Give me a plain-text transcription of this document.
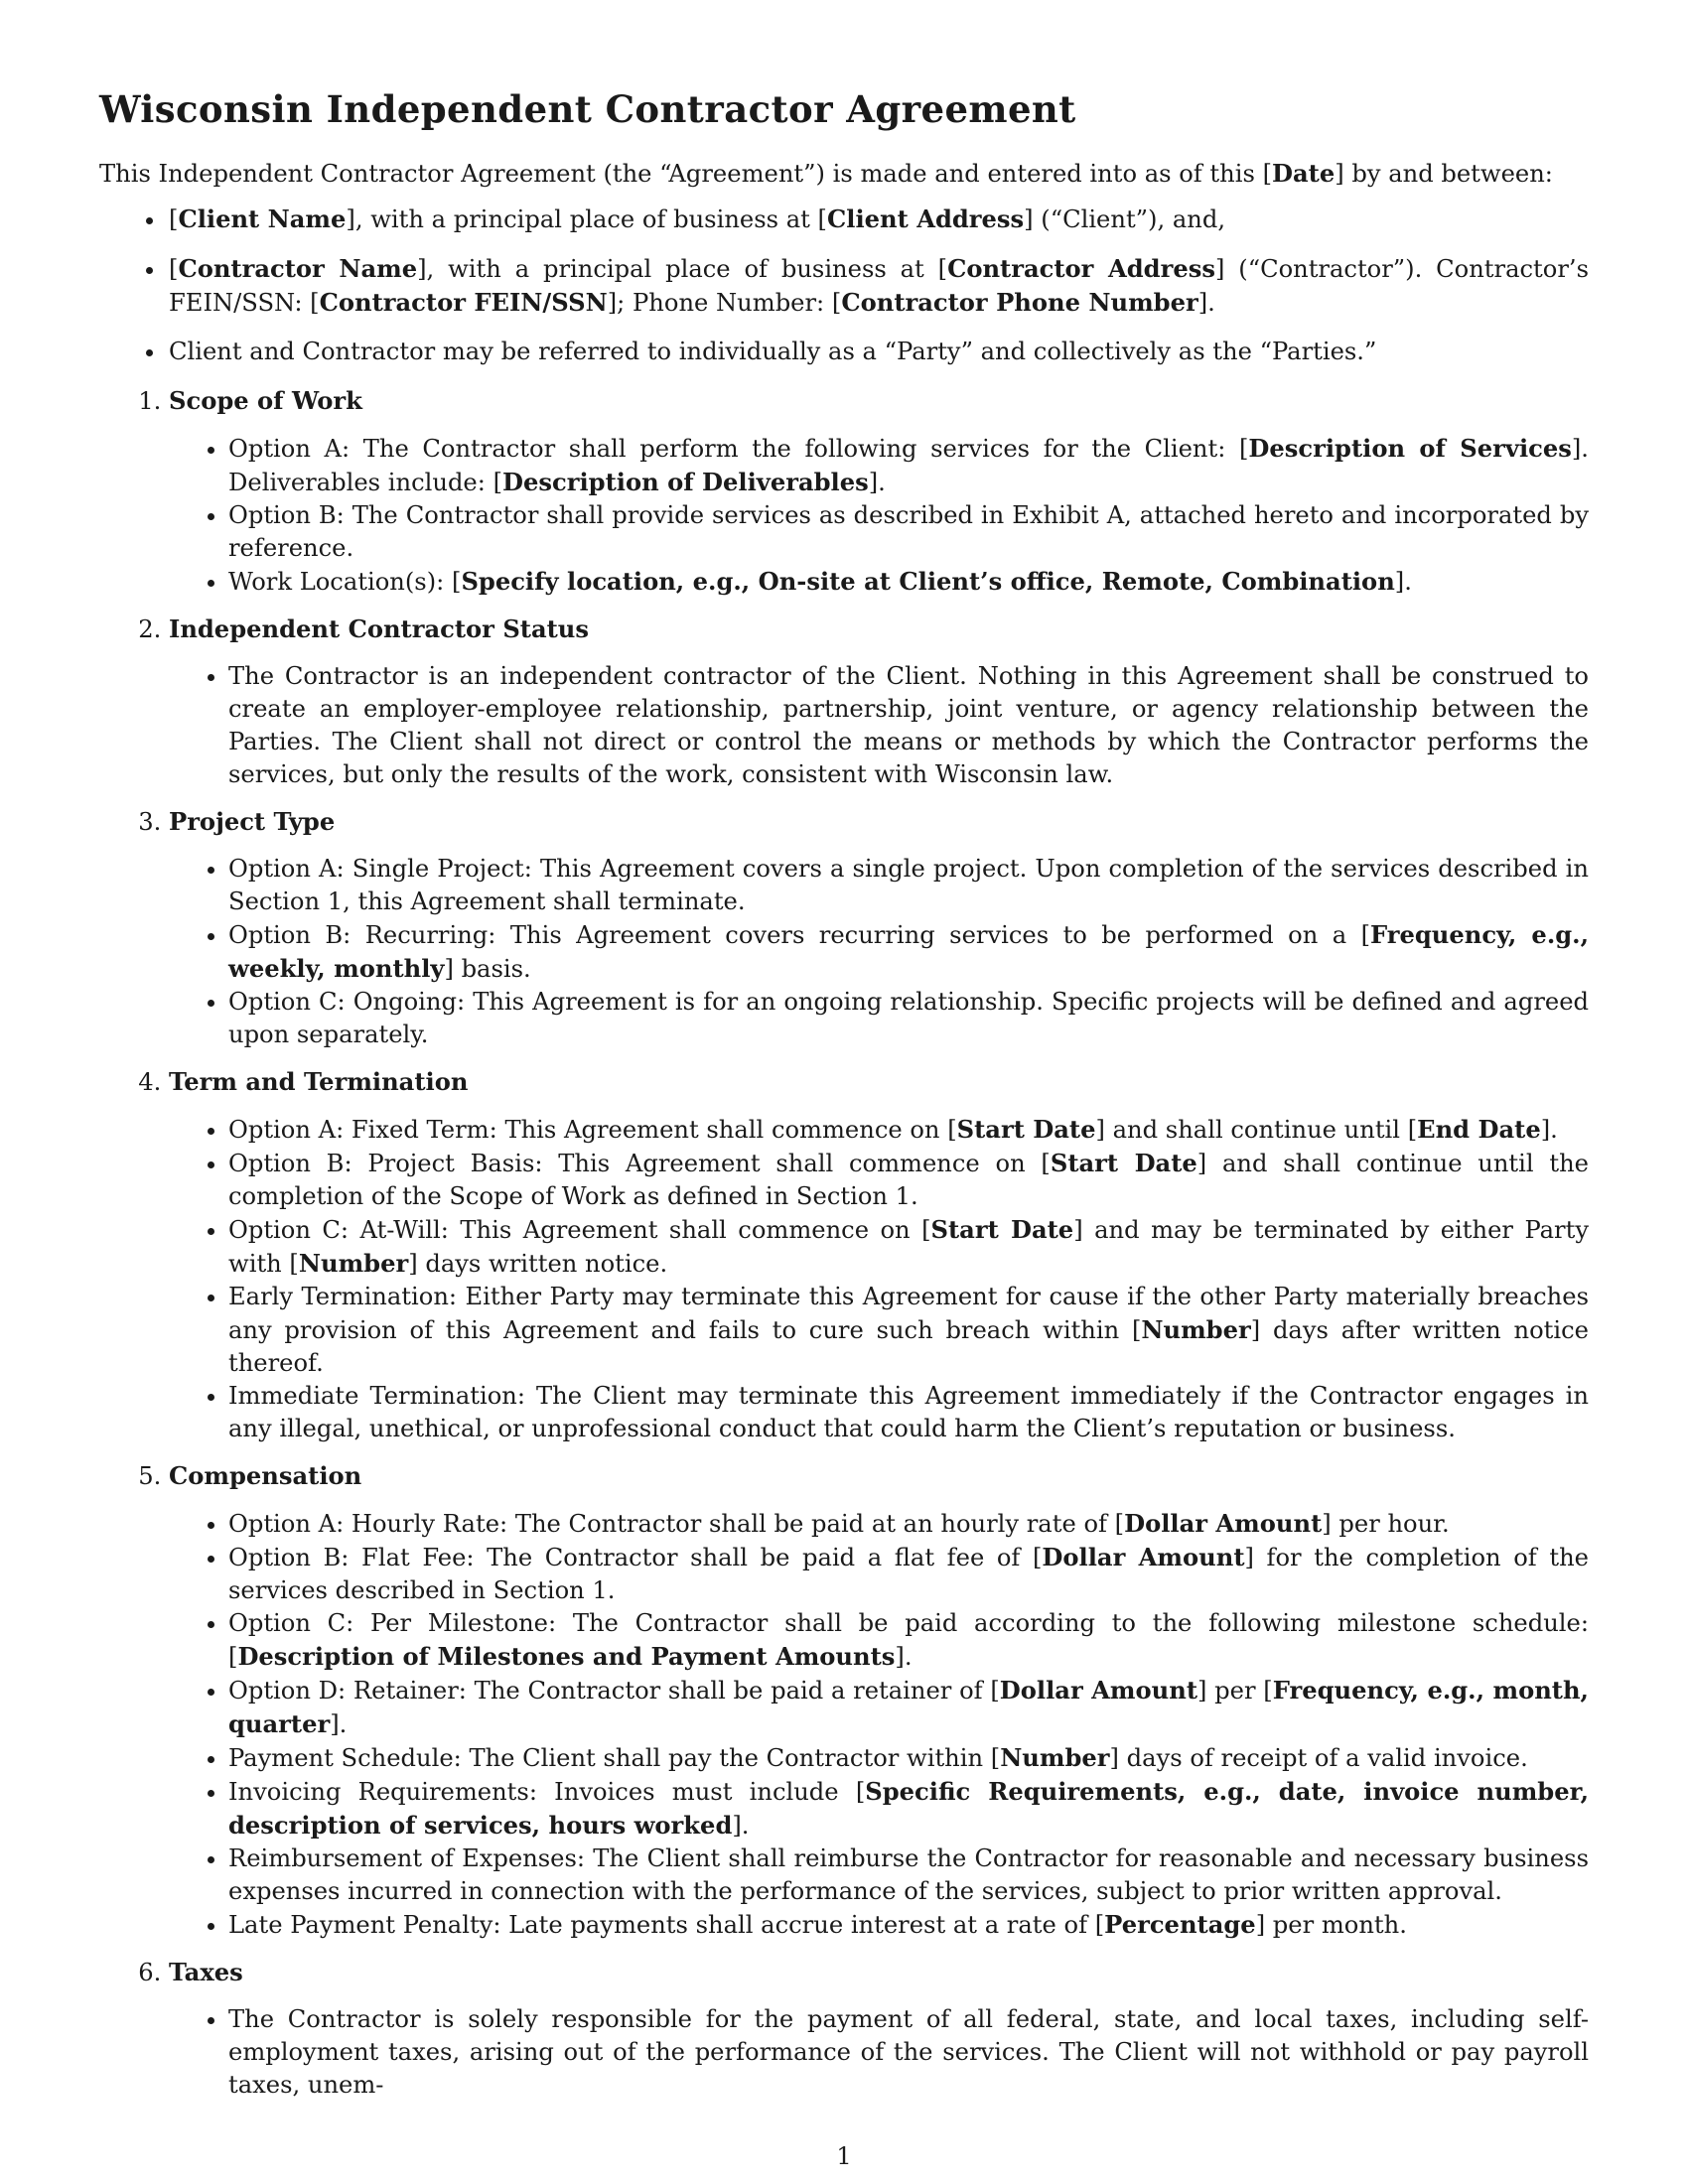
Wisconsin Independent Contractor Agreement

This Independent Contractor Agreement (the “Agreement”) is made and entered into as of this [Date] by and between:

• [Client Name], with a principal place of business at [Client Address] (“Client”), and,
• [Contractor Name], with a principal place of business at [Contractor Address] (“Contractor”). Contractor’s FEIN/SSN: [Contractor FEIN/SSN]; Phone Number: [Contractor Phone Number].
• Client and Contractor may be referred to individually as a “Party” and collectively as the “Parties.”
1. Scope of Work
• Option A: The Contractor shall perform the following services for the Client: [Description of Services]. Deliverables include: [Description of Deliverables].
• Option B: The Contractor shall provide services as described in Exhibit A, attached hereto and incorporated by reference.
• Work Location(s): [Specify location, e.g., On-site at Client’s office, Remote, Combination].
2. Independent Contractor Status
• The Contractor is an independent contractor of the Client. Nothing in this Agreement shall be construed to create an employer-employee relationship, partnership, joint venture, or agency relationship between the Parties. The Client shall not direct or control the means or methods by which the Contractor performs the services, but only the results of the work, consistent with Wisconsin law.
3. Project Type
• Option A: Single Project: This Agreement covers a single project. Upon completion of the services described in Section 1, this Agreement shall terminate.
• Option B: Recurring: This Agreement covers recurring services to be performed on a [Frequency, e.g., weekly, monthly] basis.
• Option C: Ongoing: This Agreement is for an ongoing relationship. Specific projects will be defined and agreed upon separately.
4. Term and Termination
• Option A: Fixed Term: This Agreement shall commence on [Start Date] and shall continue until [End Date].
• Option B: Project Basis: This Agreement shall commence on [Start Date] and shall continue until the completion of the Scope of Work as defined in Section 1.
• Option C: At-Will: This Agreement shall commence on [Start Date] and may be terminated by either Party with [Number] days written notice.
• Early Termination: Either Party may terminate this Agreement for cause if the other Party materially breaches any provision of this Agreement and fails to cure such breach within [Number] days after written notice thereof.
• Immediate Termination: The Client may terminate this Agreement immediately if the Contractor engages in any illegal, unethical, or unprofessional conduct that could harm the Client’s reputation or business.
5. Compensation
• Option A: Hourly Rate: The Contractor shall be paid at an hourly rate of [Dollar Amount] per hour.
• Option B: Flat Fee: The Contractor shall be paid a flat fee of [Dollar Amount] for the completion of the services described in Section 1.
• Option C: Per Milestone: The Contractor shall be paid according to the following milestone schedule: [Description of Milestones and Payment Amounts].
• Option D: Retainer: The Contractor shall be paid a retainer of [Dollar Amount] per [Frequency, e.g., month, quarter].
• Payment Schedule: The Client shall pay the Contractor within [Number] days of receipt of a valid invoice.
• Invoicing Requirements: Invoices must include [Specific Requirements, e.g., date, invoice number, description of services, hours worked].
• Reimbursement of Expenses: The Client shall reimburse the Contractor for reasonable and necessary business expenses incurred in connection with the performance of the services, subject to prior written approval.
• Late Payment Penalty: Late payments shall accrue interest at a rate of [Percentage] per month.
6. Taxes
• The Contractor is solely responsible for the payment of all federal, state, and local taxes, including self-employment taxes, arising out of the performance of the services. The Client will not withhold or pay payroll taxes, unem-
1
